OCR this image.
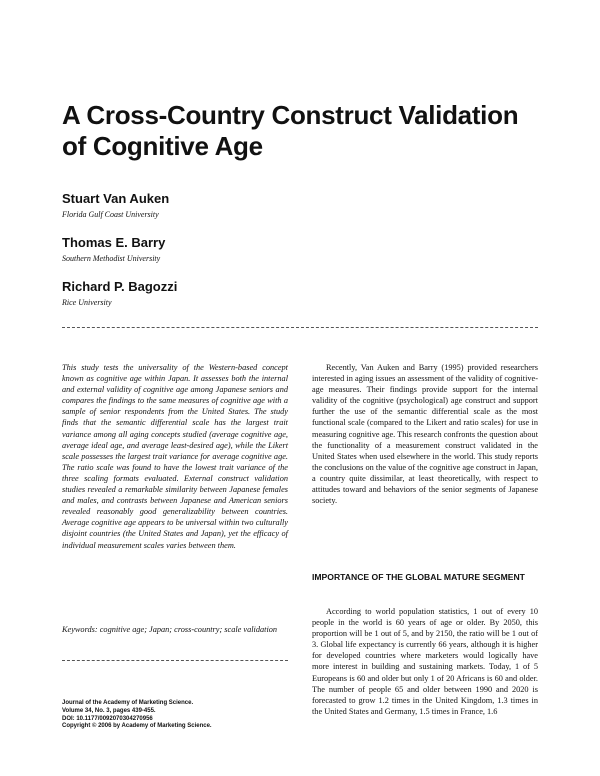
A Cross-Country Construct Validation of Cognitive Age
Stuart Van Auken
Florida Gulf Coast University
Thomas E. Barry
Southern Methodist University
Richard P. Bagozzi
Rice University
This study tests the universality of the Western-based concept known as cognitive age within Japan. It assesses both the internal and external validity of cognitive age among Japanese seniors and compares the findings to the same measures of cognitive age with a sample of senior respondents from the United States. The study finds that the semantic differential scale has the largest trait variance among all aging concepts studied (average cognitive age, average ideal age, and average least-desired age), while the Likert scale possesses the largest trait variance for average cognitive age. The ratio scale was found to have the lowest trait variance of the three scaling formats evaluated. External construct validation studies revealed a remarkable similarity between Japanese females and males, and contrasts between Japanese and American seniors revealed reasonably good generalizability between countries. Average cognitive age appears to be universal within two culturally disjoint countries (the United States and Japan), yet the efficacy of individual measurement scales varies between them.
Keywords: cognitive age; Japan; cross-country; scale validation
Journal of the Academy of Marketing Science.
Volume 34, No. 3, pages 439-455.
DOI: 10.1177/0092070304270956
Copyright © 2006 by Academy of Marketing Science.

Recently, Van Auken and Barry (1995) provided researchers interested in aging issues an assessment of the validity of cognitive-age measures. Their findings provide support for the internal validity of the cognitive (psychological) age construct and support further the use of the semantic differential scale as the most functional scale (compared to the Likert and ratio scales) for use in measuring cognitive age. This research confronts the question about the functionality of a measurement construct validated in the United States when used elsewhere in the world. This study reports the conclusions on the value of the cognitive age construct in Japan, a country quite dissimilar, at least theoretically, with respect to attitudes toward and behaviors of the senior segments of Japanese society.

IMPORTANCE OF THE GLOBAL MATURE SEGMENT

According to world population statistics, 1 out of every 10 people in the world is 60 years of age or older. By 2050, this proportion will be 1 out of 5, and by 2150, the ratio will be 1 out of 3. Global life expectancy is currently 66 years, although it is higher for developed countries where marketers would logically have more interest in building and sustaining markets. Today, 1 of 5 Europeans is 60 and older but only 1 of 20 Africans is 60 and older. The number of people 65 and older between 1990 and 2020 is forecasted to grow 1.2 times in the United Kingdom, 1.3 times in the United States and Germany, 1.5 times in France, 1.6
